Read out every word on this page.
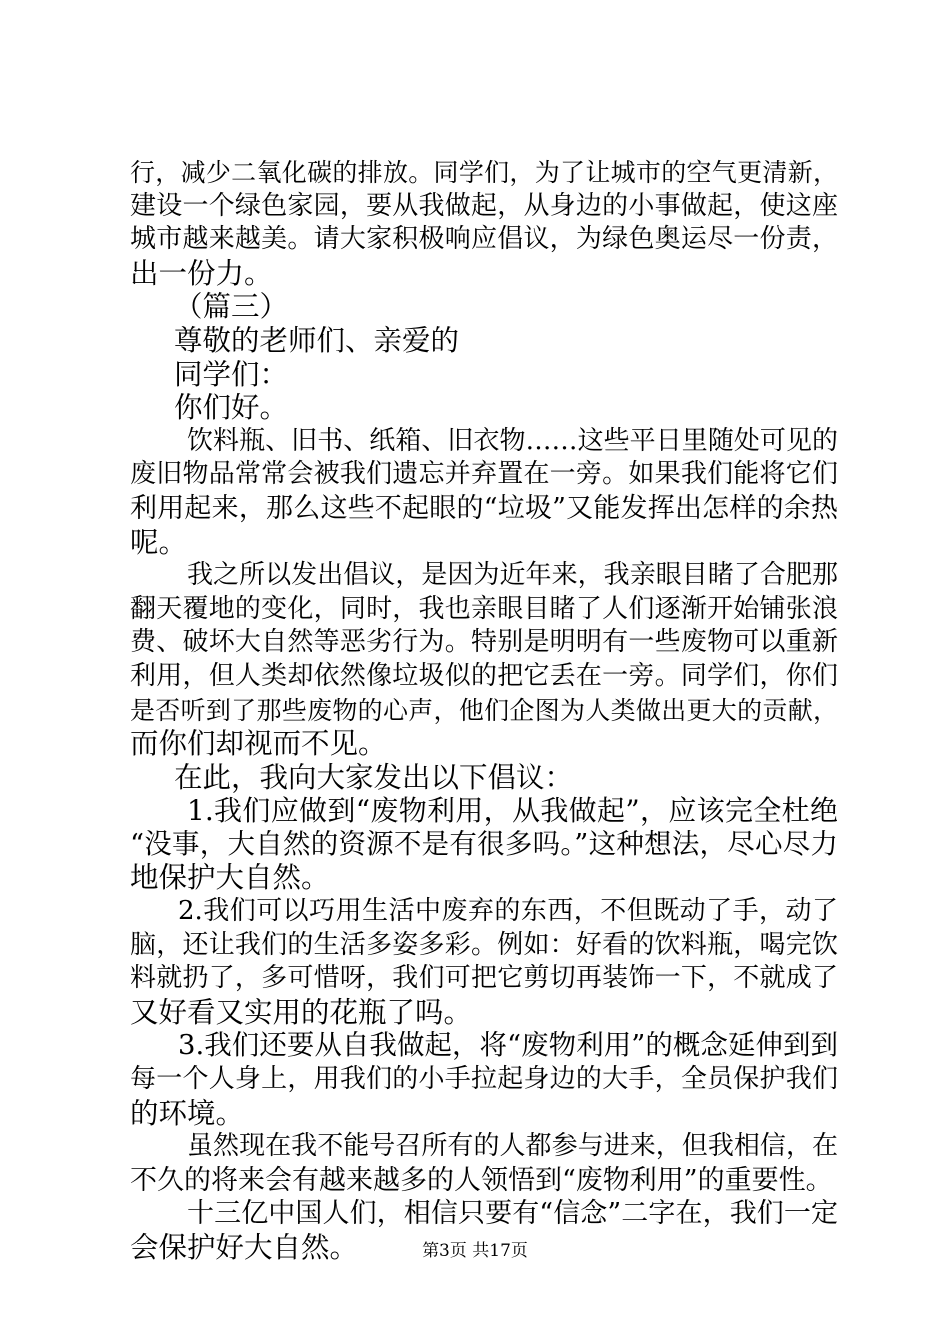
行，减少二氧化碳的排放。同学们，为了让城市的空气更清新，
建设一个绿色家园，要从我做起，从身边的小事做起，使这座
城市越来越美。请大家积极响应倡议，为绿色奥运尽一份责，
出一份力。
（篇三）
尊敬的老师们、亲爱的
同学们：
你们好。
饮料瓶、旧书、纸箱、旧衣物……这些平日里随处可见的
废旧物品常常会被我们遗忘并弃置在一旁。如果我们能将它们
利用起来，那么这些不起眼的“垃圾”又能发挥出怎样的余热
呢。
我之所以发出倡议，是因为近年来，我亲眼目睹了合肥那
翻天覆地的变化，同时，我也亲眼目睹了人们逐渐开始铺张浪
费、破坏大自然等恶劣行为。特别是明明有一些废物可以重新
利用，但人类却依然像垃圾似的把它丢在一旁。同学们，你们
是否听到了那些废物的心声，他们企图为人类做出更大的贡献，
而你们却视而不见。
在此，我向大家发出以下倡议：
1.我们应做到“废物利用，从我做起”，应该完全杜绝
“没事，大自然的资源不是有很多吗。”这种想法，尽心尽力
地保护大自然。
2.我们可以巧用生活中废弃的东西，不但既动了手，动了
脑，还让我们的生活多姿多彩。例如：好看的饮料瓶，喝完饮
料就扔了，多可惜呀，我们可把它剪切再装饰一下，不就成了
又好看又实用的花瓶了吗。
3.我们还要从自我做起，将“废物利用”的概念延伸到到
每一个人身上，用我们的小手拉起身边的大手，全员保护我们
的环境。
虽然现在我不能号召所有的人都参与进来，但我相信，在
不久的将来会有越来越多的人领悟到“废物利用”的重要性。
十三亿中国人们，相信只要有“信念”二字在，我们一定
会保护好大自然。	第3页 共17页
